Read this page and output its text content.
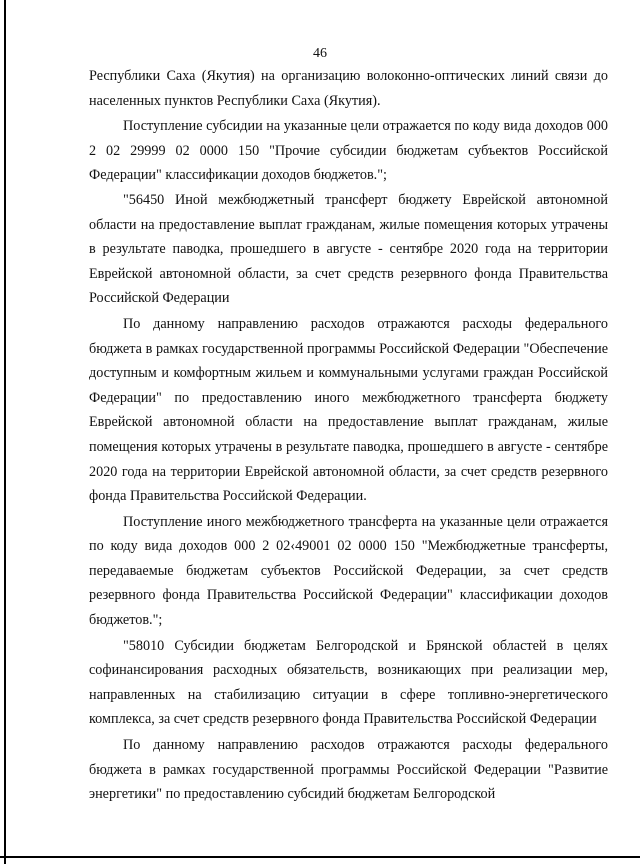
46

Республики Саха (Якутия) на организацию волоконно-оптических линий связи до населенных пунктов Республики Саха (Якутия).

Поступление субсидии на указанные цели отражается по коду вида доходов 000 2 02 29999 02 0000 150 "Прочие субсидии бюджетам субъектов Российской Федерации" классификации доходов бюджетов.";

"56450 Иной межбюджетный трансферт бюджету Еврейской автономной области на предоставление выплат гражданам, жилые помещения которых утрачены в результате паводка, прошедшего в августе - сентябре 2020 года на территории Еврейской автономной области, за счет средств резервного фонда Правительства Российской Федерации

По данному направлению расходов отражаются расходы федерального бюджета в рамках государственной программы Российской Федерации "Обеспечение доступным и комфортным жильем и коммунальными услугами граждан Российской Федерации" по предоставлению иного межбюджетного трансферта бюджету Еврейской автономной области на предоставление выплат гражданам, жилые помещения которых утрачены в результате паводка, прошедшего в августе - сентябре 2020 года на территории Еврейской автономной области, за счет средств резервного фонда Правительства Российской Федерации.

Поступление иного межбюджетного трансферта на указанные цели отражается по коду вида доходов 000 2 02‹49001 02 0000 150 "Межбюджетные трансферты, передаваемые бюджетам субъектов Российской Федерации, за счет средств резервного фонда Правительства Российской Федерации" классификации доходов бюджетов.";

"58010 Субсидии бюджетам Белгородской и Брянской областей в целях софинансирования расходных обязательств, возникающих при реализации мер, направленных на стабилизацию ситуации в сфере топливно-энергетического комплекса, за счет средств резервного фонда Правительства Российской Федерации

По данному направлению расходов отражаются расходы федерального бюджета в рамках государственной программы Российской Федерации "Развитие энергетики" по предоставлению субсидий бюджетам Белгородской
